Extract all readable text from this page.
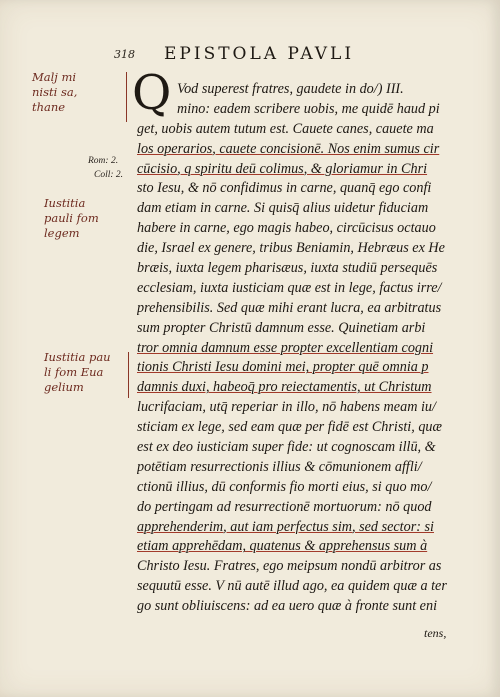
318 EPISTOLA PAVLI
Q Vod superest fratres, gaudete in do/) III.
mino: eadem scribere uobis, me quidē haud pi
get, uobis autem tutum est. Cauete canes, cauete ma
los operarios, cauete concisionē. Nos enim sumus cir
cūcisio, q spiritu deū colimus, & gloriamur in Chri
sto Iesu, & nō confidimus in carne, quanq̄ ego confi
dam etiam in carne. Si quisq̄ alius uidetur fiduciam
habere in carne, ego magis habeo, circūcisus octauo
die, Israel ex genere, tribus Beniamin, Hebræus ex He
bræis, iuxta legem pharisæus, iuxta studiū persequēs
ecclesiam, iuxta iusticiam quæ est in lege, factus irre/
prehensibilis. Sed quæ mihi erant lucra, ea arbitratus
sum propter Christū damnum esse. Quinetiam arbi
tror omnia damnum esse propter excellentiam cogni
tionis Christi Iesu domini mei, propter quē omnia p
damnis duxi, habeoq̄ pro reiectamentis, ut Christum
lucrifaciam, utq̄ reperiar in illo, nō habens meam iu/
sticiam ex lege, sed eam quæ per fidē est Christi, quæ
est ex deo iusticiam super fide: ut cognoscam illū, &
potētiam resurrectionis illius & cōmunionem affli/
ctionū illius, dū conformis fio morti eius, si quo mo/
do pertingam ad resurrectionē mortuorum: nō quod
apprehenderim, aut iam perfectus sim, sed sector: si
etiam apprehēdam, quatenus & apprehensus sum à
Christo Iesu. Fratres, ego meipsum nondū arbitror as
sequutū esse. V nū autē illud ago, ea quidem quæ a ter
go sunt obliuiscens: ad ea uero quæ à fronte sunt eni
tens,
Malj mi
nisti sa,
thane
Rom: 2.
Coll: 2.
Iustitia
pauli fom
legem
Iustitia pau
li fom Eua
gelium
